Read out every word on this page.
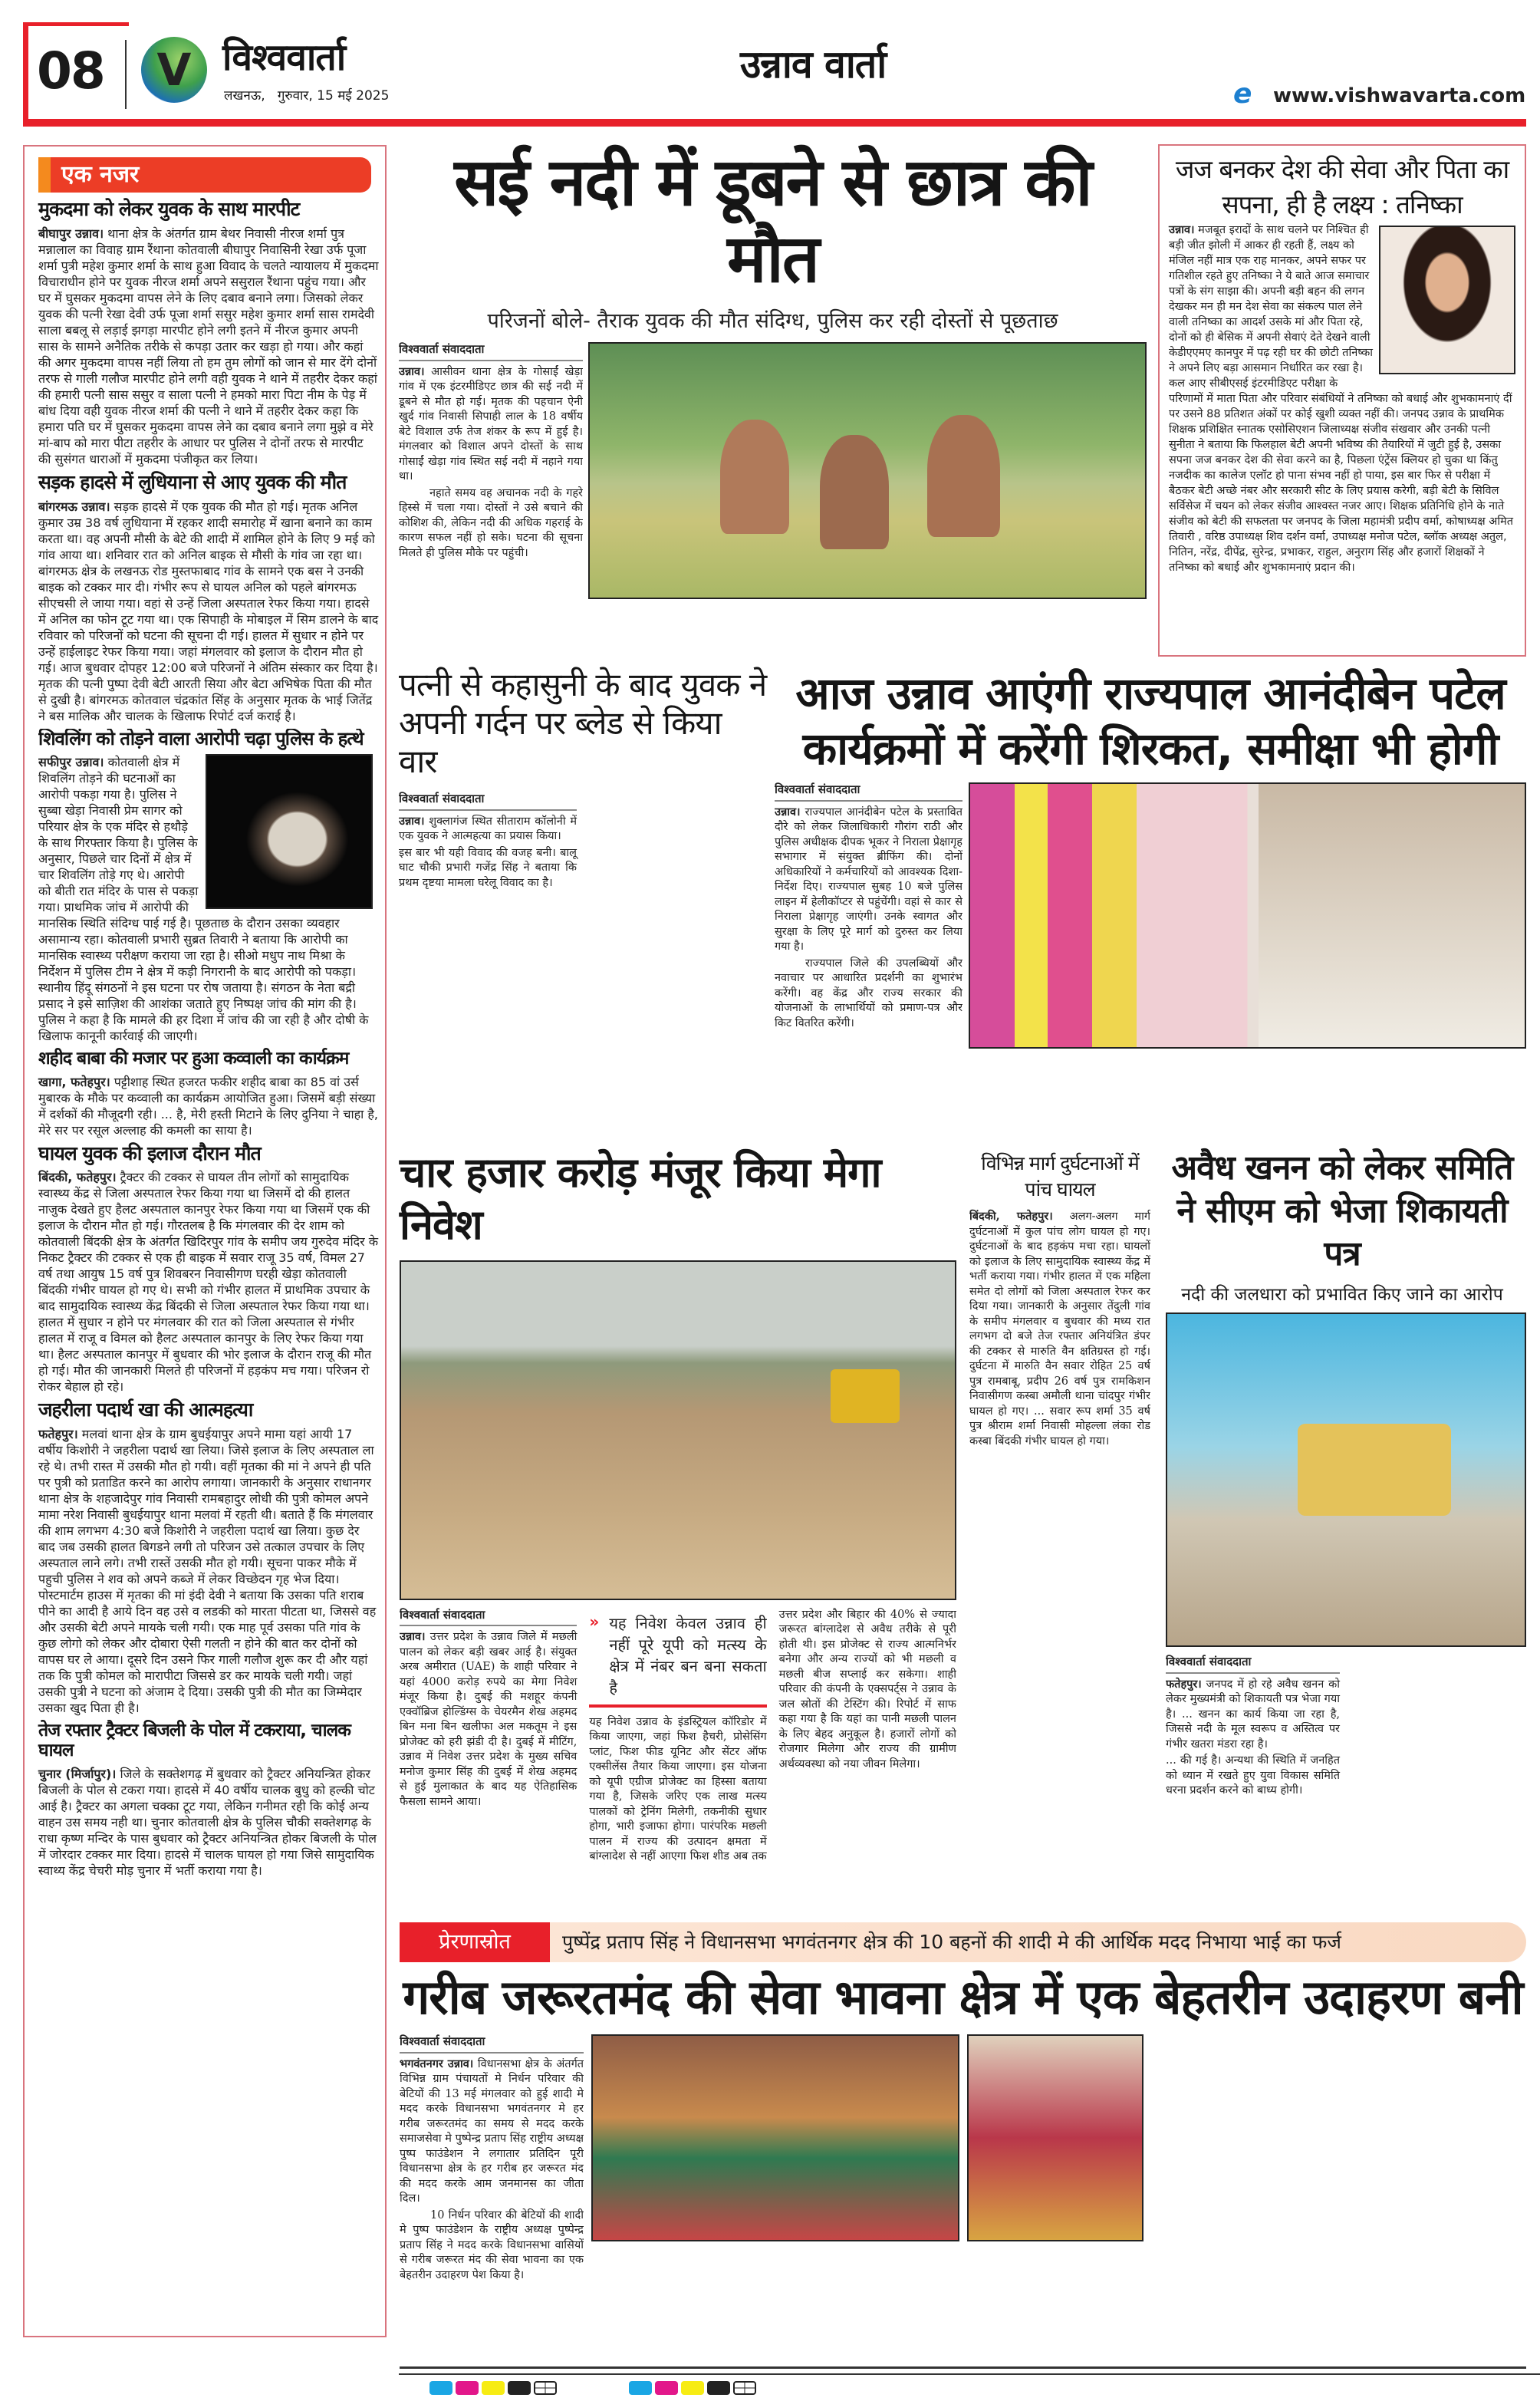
08	V विश्ववार्ता
लखनऊ,   गुरुवार, 15 मई 2025
उन्नाव वार्ता
e www.vishwavarta.com
एक नजर
मुकदमा को लेकर युवक के साथ मारपीट
बीघापुर उन्नाव। थाना क्षेत्र के अंतर्गत ग्राम बेथर निवासी नीरज शर्मा पुत्र मन्नालाल का विवाह ग्राम रैंथाना कोतवाली बीघापुर निवासिनी रेखा उर्फ पूजा शर्मा पुत्री महेश कुमार शर्मा के साथ हुआ विवाद के चलते न्यायालय में मुकदमा विचाराधीन होने पर युवक नीरज शर्मा अपने ससुराल रैंथाना पहुंच गया। और घर में घुसकर मुकदमा वापस लेने के लिए दबाव बनाने लगा। जिसको लेकर युवक की पत्नी रेखा देवी उर्फ पूजा शर्मा ससुर महेश कुमार शर्मा सास रामदेवी साला बबलू से लड़ाई झगड़ा मारपीट होने लगी इतने में नीरज कुमार अपनी सास के सामने अनैतिक तरीके से कपड़ा उतार कर खड़ा हो गया। और कहां की अगर मुकदमा वापस नहीं लिया तो हम तुम लोगों को जान से मार देंगे दोनों तरफ से गाली गलौज मारपीट होने लगी वही युवक ने थाने में तहरीर देकर कहां की हमारी पत्नी सास ससुर व साला पत्नी ने हमको मारा पिटा नीम के पेड़ में बांध दिया वही युवक नीरज शर्मा की पत्नी ने थाने में तहरीर देकर कहा कि हमारा पति घर में घुसकर मुकदमा वापस लेने का दबाव बनाने लगा मुझे व मेरे मां-बाप को मारा पीटा तहरीर के आधार पर पुलिस ने दोनों तरफ से मारपीट की सुसंगत धाराओं में मुकदमा पंजीकृत कर लिया।
सड़क हादसे में लुधियाना से आए युवक की मौत
बांगरमऊ उन्नाव। सड़क हादसे में एक युवक की मौत हो गई। मृतक अनिल कुमार उम्र 38 वर्ष लुधियाना में रहकर शादी समारोह में खाना बनाने का काम करता था। वह अपनी मौसी के बेटे की शादी में शामिल होने के लिए 9 मई को गांव आया था। शनिवार रात को अनिल बाइक से मौसी के गांव जा रहा था। बांगरमऊ क्षेत्र के लखनऊ रोड मुस्तफाबाद गांव के सामने एक बस ने उनकी बाइक को टक्कर मार दी। गंभीर रूप से घायल अनिल को पहले बांगरमऊ सीएचसी ले जाया गया। वहां से उन्हें जिला अस्पताल रेफर किया गया। हादसे में अनिल का फोन टूट गया था। एक सिपाही के मोबाइल में सिम डालने के बाद रविवार को परिजनों को घटना की सूचना दी गई। हालत में सुधार न होने पर उन्हें हाईलाइट रेफर किया गया। जहां मंगलवार को इलाज के दौरान मौत हो गई। आज बुधवार दोपहर 12:00 बजे परिजनों ने अंतिम संस्कार कर दिया है। मृतक की पत्नी पुष्पा देवी बेटी आरती सिया और बेटा अभिषेक पिता की मौत से दुखी है। बांगरमऊ कोतवाल चंद्रकांत सिंह के अनुसार मृतक के भाई जितेंद्र ने बस मालिक और चालक के खिलाफ रिपोर्ट दर्ज कराई है।
शिवलिंग को तोड़ने वाला आरोपी चढ़ा पुलिस के हत्थे
सफीपुर उन्नाव। कोतवाली क्षेत्र में शिवलिंग तोड़ने की घटनाओं का आरोपी पकड़ा गया है। पुलिस ने सुब्बा खेड़ा निवासी प्रेम सागर को परियार क्षेत्र के एक मंदिर से हथौड़े के साथ गिरफ्तार किया है। पुलिस के अनुसार, पिछले चार दिनों में क्षेत्र में चार शिवलिंग तोड़े गए थे। आरोपी को बीती रात मंदिर के पास से पकड़ा गया। प्राथमिक जांच में आरोपी की मानसिक स्थिति संदिग्ध पाई गई है। पूछताछ के दौरान उसका व्यवहार असामान्य रहा। कोतवाली प्रभारी सुब्रत तिवारी ने बताया कि आरोपी का मानसिक स्वास्थ्य परीक्षण कराया जा रहा है। सीओ मधुप नाथ मिश्रा के निर्देशन में पुलिस टीम ने क्षेत्र में कड़ी निगरानी के बाद आरोपी को पकड़ा। स्थानीय हिंदू संगठनों ने इस घटना पर रोष जताया है। संगठन के नेता बद्री प्रसाद ने इसे साज़िश की आशंका जताते हुए निष्पक्ष जांच की मांग की है। पुलिस ने कहा है कि मामले की हर दिशा में जांच की जा रही है और दोषी के खिलाफ कानूनी कार्रवाई की जाएगी।
शहीद बाबा की मजार पर हुआ कव्वाली का कार्यक्रम
खागा, फतेहपुर। पट्टीशाह स्थित हजरत फकीर शहीद बाबा का 85 वां उर्स मुबारक के मौके पर कव्वाली का कार्यक्रम आयोजित हुआ। जिसमें बड़ी संख्या में दर्शकों की मौजूदगी रही। ... है, मेरी हस्ती मिटाने के लिए दुनिया ने चाहा है, मेरे सर पर रसूल अल्लाह की कमली का साया है।
घायल युवक की इलाज दौरान मौत
बिंदकी, फतेहपुर। ट्रैक्टर की टक्कर से घायल तीन लोगों को सामुदायिक स्वास्थ्य केंद्र से जिला अस्पताल रेफर किया गया था जिसमें दो की हालत नाजुक देखते हुए हैलट अस्पताल कानपुर रेफर किया गया था जिसमें एक की इलाज के दौरान मौत हो गई। गौरतलब है कि मंगलवार की देर शाम को कोतवाली बिंदकी क्षेत्र के अंतर्गत खिदिरपुर गांव के समीप जय गुरुदेव मंदिर के निकट ट्रैक्टर की टक्कर से एक ही बाइक में सवार राजू 35 वर्ष, विमल 27 वर्ष तथा आयुष 15 वर्ष पुत्र शिवबरन निवासीगण घरही खेड़ा कोतवाली बिंदकी गंभीर घायल हो गए थे। सभी को गंभीर हालत में प्राथमिक उपचार के बाद सामुदायिक स्वास्थ्य केंद्र बिंदकी से जिला अस्पताल रेफर किया गया था। हालत में सुधार न होने पर मंगलवार की रात को जिला अस्पताल से गंभीर हालत में राजू व विमल को हैलट अस्पताल कानपुर के लिए रेफर किया गया था। हैलट अस्पताल कानपुर में बुधवार की भोर इलाज के दौरान राजू की मौत हो गई। मौत की जानकारी मिलते ही परिजनों में हड़कंप मच गया। परिजन रो रोकर बेहाल हो रहे।
जहरीला पदार्थ खा की आत्महत्या
फतेहपुर। मलवां थाना क्षेत्र के ग्राम बुधईयापुर अपने मामा यहां आयी 17 वर्षीय किशोरी ने जहरीला पदार्थ खा लिया। जिसे इलाज के लिए अस्पताल ला रहे थे। तभी रास्त में उसकी मौत हो गयी। वहीं मृतका की मां ने अपने ही पति पर पुत्री को प्रताडित करने का आरोप लगाया। जानकारी के अनुसार राधानगर थाना क्षेत्र के शहजादेपुर गांव निवासी रामबहादुर लोधी की पुत्री कोमल अपने मामा नरेश निवासी बुधईयापुर थाना मलवां में रहती थी। बताते हैं कि मंगलवार की शाम लगभग 4:30 बजे किशोरी ने जहरीला पदार्थ खा लिया। कुछ देर बाद जब उसकी हालत बिगडने लगी तो परिजन उसे तत्काल उपचार के लिए अस्पताल लाने लगे। तभी रास्तें उसकी मौत हो गयी। सूचना पाकर मौके में पहुची पुलिस ने शव को अपने कब्जे में लेकर विच्छेदन गृह भेज दिया। पोस्टमार्टम हाउस में मृतका की मां इंदी देवी ने बताया कि उसका पति शराब पीने का आदी है आये दिन वह उसे व लडकी को मारता पीटता था, जिससे वह और उसकी बेटी अपने मायके चली गयी। एक माह पूर्व उसका पति गांव के कुछ लोगो को लेकर और दोबारा ऐसी गलती न होने की बात कर दोनों को वापस घर ले आया। दूसरे दिन उसने फिर गाली गलौज शुरू कर दी और यहां तक कि पुत्री कोमल को मारापीटा जिससे डर कर मायके चली गयी। जहां उसकी पुत्री ने घटना को अंजाम दे दिया। उसकी पुत्री की मौत का जिम्मेदार उसका खुद पिता ही है।
तेज रफ्तार ट्रैक्टर बिजली के पोल में टकराया, चालक घायल
चुनार (मिर्जापुर)। जिले के सक्तेशगढ़ में बुधवार को ट्रैक्टर अनियन्त्रित होकर बिजली के पोल से टकरा गया। हादसे में 40 वर्षीय चालक बुधु को हल्की चोट आई है। ट्रैक्टर का अगला चक्का टूट गया, लेकिन गनीमत रही कि कोई अन्य वाहन उस समय नही था। चुनार कोतवाली क्षेत्र के पुलिस चौकी सक्तेशगढ़ के राधा कृष्ण मन्दिर के पास बुधवार को ट्रैक्टर अनियन्त्रित होकर बिजली के पोल में जोरदार टक्कर मार दिया। हादसे में चालक घायल हो गया जिसे सामुदायिक स्वाथ्य केंद्र चेचरी मोड़ चुनार में भर्ती कराया गया है।
सई नदी में डूबने से छात्र की मौत
परिजनों बोले- तैराक युवक की मौत संदिग्ध, पुलिस कर रही दोस्तों से पूछताछ
विश्ववार्ता संवाददाता

उन्नाव। आसीवन थाना क्षेत्र के गोसाईं खेड़ा गांव में एक इंटरमीडिएट छात्र की सई नदी में डूबने से मौत हो गई। मृतक की पहचान ऐनी खुर्द गांव निवासी सिपाही लाल के 18 वर्षीय बेटे विशाल उर्फ तेज शंकर के रूप में हुई है। मंगलवार को विशाल अपने दोस्तों के साथ गोसाईं खेड़ा गांव स्थित सई नदी में नहाने गया था।

नहाते समय वह अचानक नदी के गहरे हिस्से में चला गया। दोस्तों ने उसे बचाने की कोशिश की, लेकिन नदी की अधिक गहराई के कारण सफल नहीं हो सके। घटना की सूचना मिलते ही पुलिस मौके पर पहुंची।

जज बनकर देश की सेवा और पिता का सपना, ही है लक्ष्य : तनिष्का
उन्नाव। मजबूत इरादों के साथ चलने पर निश्चित ही बड़ी जीत झोली में आकर ही रहती हैं, लक्ष्य को मंजिल नहीं मात्र एक राह मानकर, अपने सफर पर गतिशील रहते हुए तनिष्का ने ये बाते आज समाचार पत्रों के संग साझा की। अपनी बड़ी बहन की लगन देखकर मन ही मन देश सेवा का संकल्प पाल लेने वाली तनिष्का का आदर्श उसके मां और पिता रहे, दोनों को ही बेसिक में अपनी सेवाएं देते देखने वाली केडीएएमए कानपुर में पढ़ रही घर की छोटी तनिष्का ने अपने लिए बड़ा आसमान निर्धारित कर रखा है। कल आए सीबीएसई इंटरमीडिएट परीक्षा के परिणामों में माता पिता और परिवार संबंधियों ने तनिष्का को बधाई और शुभकामनाएं दीं पर उसने 88 प्रतिशत अंकों पर कोई खुशी व्यक्त नहीं की। जनपद उन्नाव के प्राथमिक शिक्षक प्रशिक्षित स्नातक एसोसिएशन जिलाध्यक्ष संजीव संखवार और उनकी पत्नी सुनीता ने बताया कि फिलहाल बेटी अपनी भविष्य की तैयारियों में जुटी हुई है, उसका सपना जज बनकर देश की सेवा करने का है, पिछला एंट्रेंस क्लियर हो चुका था किंतु नजदीक का कालेज एलॉट हो पाना संभव नहीं हो पाया, इस बार फिर से परीक्षा में बैठकर बेटी अच्छे नंबर और सरकारी सीट के लिए प्रयास करेगी, बड़ी बेटी के सिविल सर्विसेज में चयन को लेकर संजीव आश्वस्त नजर आए। शिक्षक प्रतिनिधि होने के नाते संजीव को बेटी की सफलता पर जनपद के जिला महामंत्री प्रदीप वर्मा, कोषाध्यक्ष अमित तिवारी , वरिष्ठ उपाध्यक्ष शिव दर्शन वर्मा, उपाध्यक्ष मनोज पटेल, ब्लॉक अध्यक्ष अतुल, नितिन, नरेंद्र, दीपेंद्र, सुरेन्द्र, प्रभाकर, राहुल, अनुराग सिंह और हजारों शिक्षकों ने तनिष्का को बधाई और शुभकामनाएं प्रदान की।
पत्नी से कहासुनी के बाद युवक ने अपनी गर्दन पर ब्लेड से किया वार
विश्ववार्ता संवाददाता

उन्नाव। शुक्लागंज स्थित सीताराम कॉलोनी में एक युवक ने आत्महत्या का प्रयास किया।

इस बार भी यही विवाद की वजह बनी। बालू घाट चौकी प्रभारी गजेंद्र सिंह ने बताया कि प्रथम दृष्टया मामला घरेलू विवाद का है।

आज उन्नाव आएंगी राज्यपाल आनंदीबेन पटेल कार्यक्रमों में करेंगी शिरकत, समीक्षा भी होगी
विश्ववार्ता संवाददाता

उन्नाव। राज्यपाल आनंदीबेन पटेल के प्रस्तावित दौरे को लेकर जिलाधिकारी गौरांग राठी और पुलिस अधीक्षक दीपक भूकर ने निराला प्रेक्षागृह सभागार में संयुक्त ब्रीफिंग की। दोनों अधिकारियों ने कर्मचारियों को आवश्यक दिशा-निर्देश दिए। राज्यपाल सुबह 10 बजे पुलिस लाइन में हेलीकॉप्टर से पहुंचेंगी। वहां से कार से निराला प्रेक्षागृह जाएंगी। उनके स्वागत और सुरक्षा के लिए पूरे मार्ग को दुरुस्त कर लिया गया है।

राज्यपाल जिले की उपलब्धियों और नवाचार पर आधारित प्रदर्शनी का शुभारंभ करेंगी। वह केंद्र और राज्य सरकार की योजनाओं के लाभार्थियों को प्रमाण-पत्र और किट वितरित करेंगी।

चार हजार करोड़ मंजूर किया मेगा निवेश
विश्ववार्ता संवाददाता

उन्नाव। उत्तर प्रदेश के उन्नाव जिले में मछली पालन को लेकर बड़ी खबर आई है। संयुक्त अरब अमीरात (UAE) के शाही परिवार ने यहां 4000 करोड़ रुपये का मेगा निवेश मंजूर किया है। दुबई की मशहूर कंपनी एक्वॉब्रिज होल्डिंग्स के चेयरमैन शेख अहमद बिन मना बिन खलीफा अल मकतूम ने इस प्रोजेक्ट को हरी झंडी दी है। दुबई में मीटिंग, उन्नाव में निवेश उत्तर प्रदेश के मुख्य सचिव मनोज कुमार सिंह की दुबई में शेख अहमद से हुई मुलाकात के बाद यह ऐतिहासिक फैसला सामने आया।

» यह निवेश केवल उन्नाव ही नहीं पूरे यूपी को मत्स्य के क्षेत्र में नंबर बन बना सकता है

यह निवेश उन्नाव के इंडस्ट्रियल कॉरिडोर में किया जाएगा, जहां फिश हैचरी, प्रोसेसिंग प्लांट, फिश फीड यूनिट और सेंटर ऑफ एक्सीलेंस तैयार किया जाएगा। इस योजना को यूपी एग्रीज प्रोजेक्ट का हिस्सा बताया गया है, जिसके जरिए एक लाख मत्स्य पालकों को ट्रेनिंग मिलेगी, तकनीकी सुधार होगा, भारी इजाफा होगा। पारंपरिक मछली पालन में राज्य की उत्पादन क्षमता में बांग्लादेश से नहीं आएगा फिश शीड अब तक उत्तर प्रदेश और बिहार की 40% से ज्यादा जरूरत बांग्लादेश से अवैध तरीके से पूरी होती थी। इस प्रोजेक्ट से राज्य आत्मनिर्भर बनेगा और अन्य राज्यों को भी मछली व मछली बीज सप्लाई कर सकेगा। शाही परिवार की कंपनी के एक्सपर्ट्स ने उन्नाव के जल स्रोतों की टेस्टिंग की। रिपोर्ट में साफ कहा गया है कि यहां का पानी मछली पालन के लिए बेहद अनुकूल है। हजारों लोगों को रोजगार मिलेगा और राज्य की ग्रामीण अर्थव्यवस्था को नया जीवन मिलेगा।

विभिन्न मार्ग दुर्घटनाओं में पांच घायल
बिंदकी, फतेहपुर। अलग-अलग मार्ग दुर्घटनाओं में कुल पांच लोग घायल हो गए। दुर्घटनाओं के बाद हड़कंप मचा रहा। घायलों को इलाज के लिए सामुदायिक स्वास्थ्य केंद्र में भर्ती कराया गया। गंभीर हालत में एक महिला समेत दो लोगों को जिला अस्पताल रेफर कर दिया गया। जानकारी के अनुसार तेंदुली गांव के समीप मंगलवार व बुधवार की मध्य रात लगभग दो बजे तेज रफ्तार अनियंत्रित डंपर की टक्कर से मारुति वैन क्षतिग्रस्त हो गई। दुर्घटना में मारुति वैन सवार रोहित 25 वर्ष पुत्र रामबाबू, प्रदीप 26 वर्ष पुत्र रामकिशन निवासीगण कस्बा अमौली थाना चांदपुर गंभीर घायल हो गए। ... सवार रूप शर्मा 35 वर्ष पुत्र श्रीराम शर्मा निवासी मोहल्ला लंका रोड कस्बा बिंदकी गंभीर घायल हो गया।
अवैध खनन को लेकर समिति ने सीएम को भेजा शिकायती पत्र
नदी की जलधारा को प्रभावित किए जाने का आरोप
विश्ववार्ता संवाददाता

फतेहपुर। जनपद में हो रहे अवैध खनन को लेकर मुख्यमंत्री को शिकायती पत्र भेजा गया है। ... खनन का कार्य किया जा रहा है, जिससे नदी के मूल स्वरूप व अस्तित्व पर गंभीर खतरा मंडरा रहा है।

... की गई है। अन्यथा की स्थिति में जनहित को ध्यान में रखते हुए युवा विकास समिति धरना प्रदर्शन करने को बाध्य होगी।

प्रेरणास्रोत	पुष्पेंद्र प्रताप सिंह ने विधानसभा भगवंतनगर क्षेत्र की 10 बहनों की शादी मे की आर्थिक मदद निभाया भाई का फर्ज
गरीब जरूरतमंद की सेवा भावना क्षेत्र में एक बेहतरीन उदाहरण बनी
विश्ववार्ता संवाददाता

भगवंतनगर उन्नाव। विधानसभा क्षेत्र के अंतर्गत विभिन्न ग्राम पंचायतों मे निर्धन परिवार की बेटियों की 13 मई मंगलवार को हुई शादी मे मदद करके विधानसभा भगवंतनगर मे हर गरीब जरूरतमंद का समय से मदद करके समाजसेवा मे पुष्पेन्द्र प्रताप सिंह राष्ट्रीय अध्यक्ष पुष्प फाउंडेशन ने लगातार प्रतिदिन पूरी विधानसभा क्षेत्र के हर गरीब हर जरूरत मंद की मदद करके आम जनमानस का जीता दिल।

10 निर्धन परिवार की बेटियों की शादी मे पुष्प फाउंडेशन के राष्ट्रीय अध्यक्ष पुष्पेन्द्र प्रताप सिंह ने मदद करके विधानसभा वासियों से गरीब जरूरत मंद की सेवा भावना का एक बेहतरीन उदाहरण पेश किया है।
